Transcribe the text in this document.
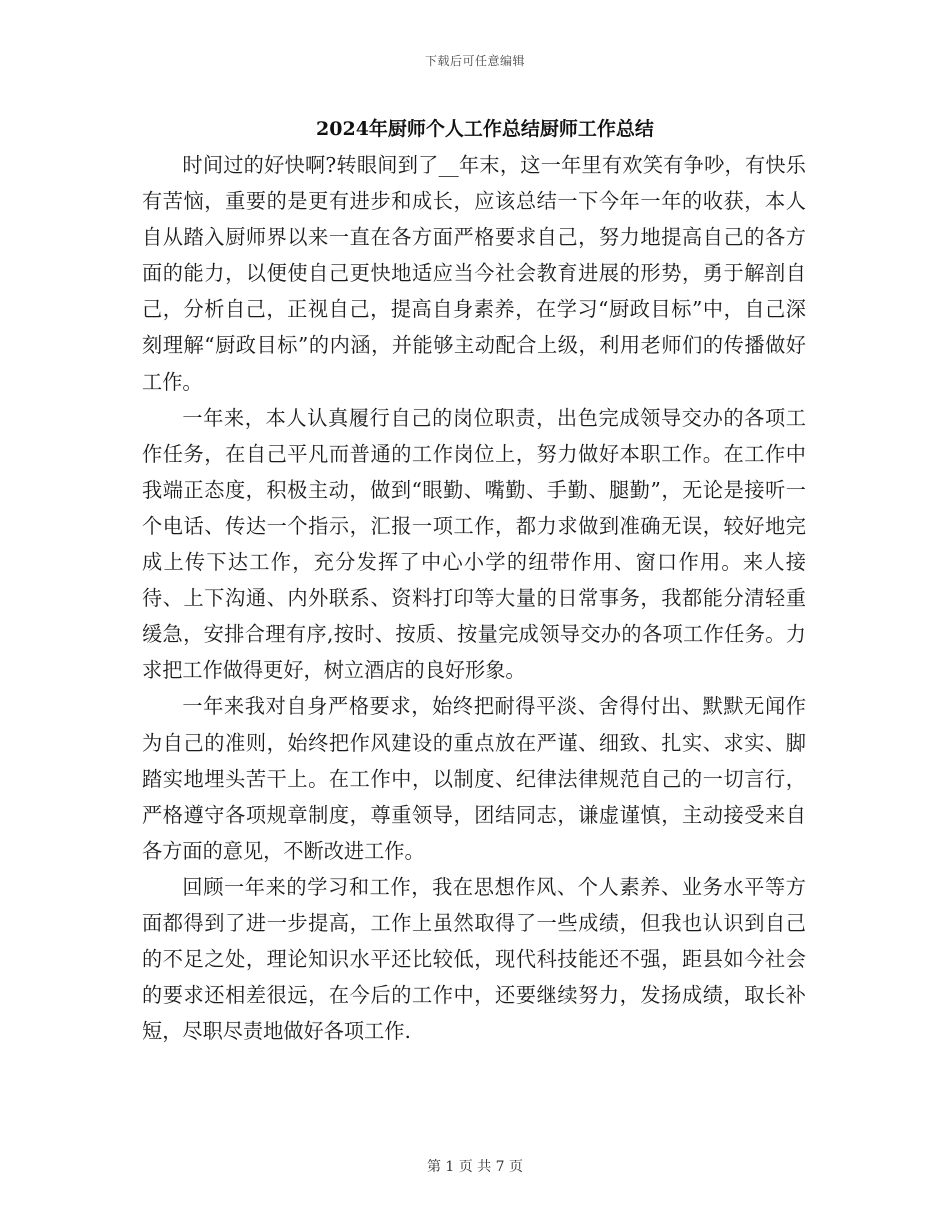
下载后可任意编辑
2024年厨师个人工作总结厨师工作总结

时间过的好快啊?转眼间到了__年末，这一年里有欢笑有争吵，有快乐有苦恼，重要的是更有进步和成长，应该总结一下今年一年的收获，本人自从踏入厨师界以来一直在各方面严格要求自己，努力地提高自己的各方面的能力，以便使自己更快地适应当今社会教育进展的形势，勇于解剖自己，分析自己，正视自己，提高自身素养，在学习“厨政目标”中，自己深刻理解“厨政目标”的内涵，并能够主动配合上级，利用老师们的传播做好工作。

一年来，本人认真履行自己的岗位职责，出色完成领导交办的各项工作任务，在自己平凡而普通的工作岗位上，努力做好本职工作。在工作中我端正态度，积极主动，做到“眼勤、嘴勤、手勤、腿勤”，无论是接听一个电话、传达一个指示，汇报一项工作，都力求做到准确无误，较好地完成上传下达工作，充分发挥了中心小学的纽带作用、窗口作用。来人接待、上下沟通、内外联系、资料打印等大量的日常事务，我都能分清轻重缓急，安排合理有序,按时、按质、按量完成领导交办的各项工作任务。力求把工作做得更好，树立酒店的良好形象。

一年来我对自身严格要求，始终把耐得平淡、舍得付出、默默无闻作为自己的准则，始终把作风建设的重点放在严谨、细致、扎实、求实、脚踏实地埋头苦干上。在工作中，以制度、纪律法律规范自己的一切言行，严格遵守各项规章制度，尊重领导，团结同志，谦虚谨慎，主动接受来自各方面的意见，不断改进工作。

回顾一年来的学习和工作，我在思想作风、个人素养、业务水平等方面都得到了进一步提高，工作上虽然取得了一些成绩，但我也认识到自己的不足之处，理论知识水平还比较低，现代科技能还不强，距县如今社会的要求还相差很远，在今后的工作中，还要继续努力，发扬成绩，取长补短，尽职尽责地做好各项工作.

第 1 页 共 7 页
